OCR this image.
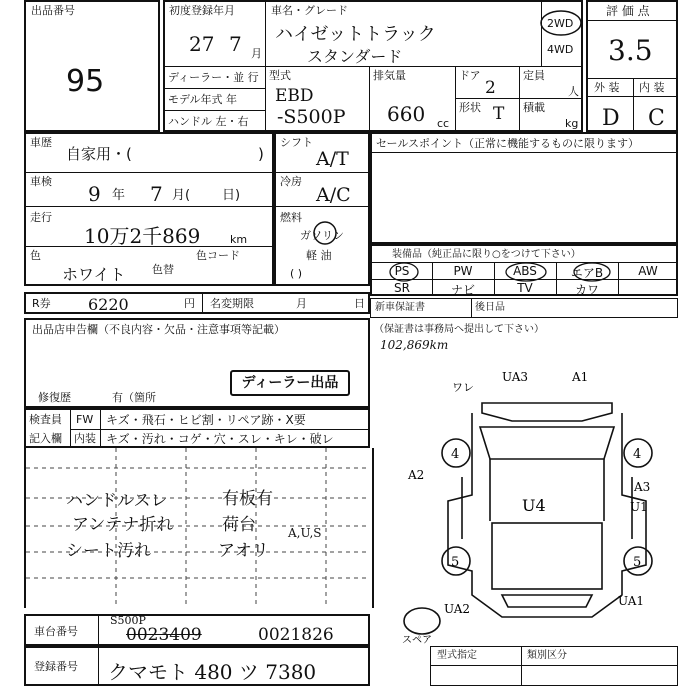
出品番号
95
初度登録年月
27 7 月
車名・グレード
ハイゼットトラック
スタンダード
2WD
4WD
ディーラー・並 行
モデル年式 年
ハンドル 左・右
型式
EBD
-S500P
排気量
660 cc
ドア
2
形状 T
定員
人
積載
kg
評 価 点
3.5
外 装 内 装
D C
車歴
自家用・(	)
車検
9 年 7 月( 日)
走行
10万2千869	km
色
ホワイト 色替
色コード
シフト
A/T
冷房
A/C
燃料
ガソリン
軽 油
( )
セールスポイント（正常に機能するものに限ります）
装備品（純正品に限り○をつけて下さい）
PS	PW	ABS	エアB	AW
SR	ナビ	TV	カワ
R券 6220	円 名変期限	月	日 新車保証書	後日品
（保証書は事務局へ提出して下さい）
102,869km
出品店申告欄（不良内容・欠品・注意事項等記載）
修復歴	有（箇所
ディーラー出品
検査員
記入欄
FW キズ・飛石・ヒビ割・リペア跡・X要
内装 キズ・汚れ・コゲ・穴・スレ・キレ・破レ
ハンドルスレ
アンテナ折れ
シート汚れ
有板有
荷台
アオリ
A,U,S
ワレ
UA3	A1
A2
A3
U1
U4
UA2
UA1
4	4
5	5
スペア
車台番号
S500P
0023409	0021826
登録番号 クマモト 480 ツ 7380
型式指定	類別区分
